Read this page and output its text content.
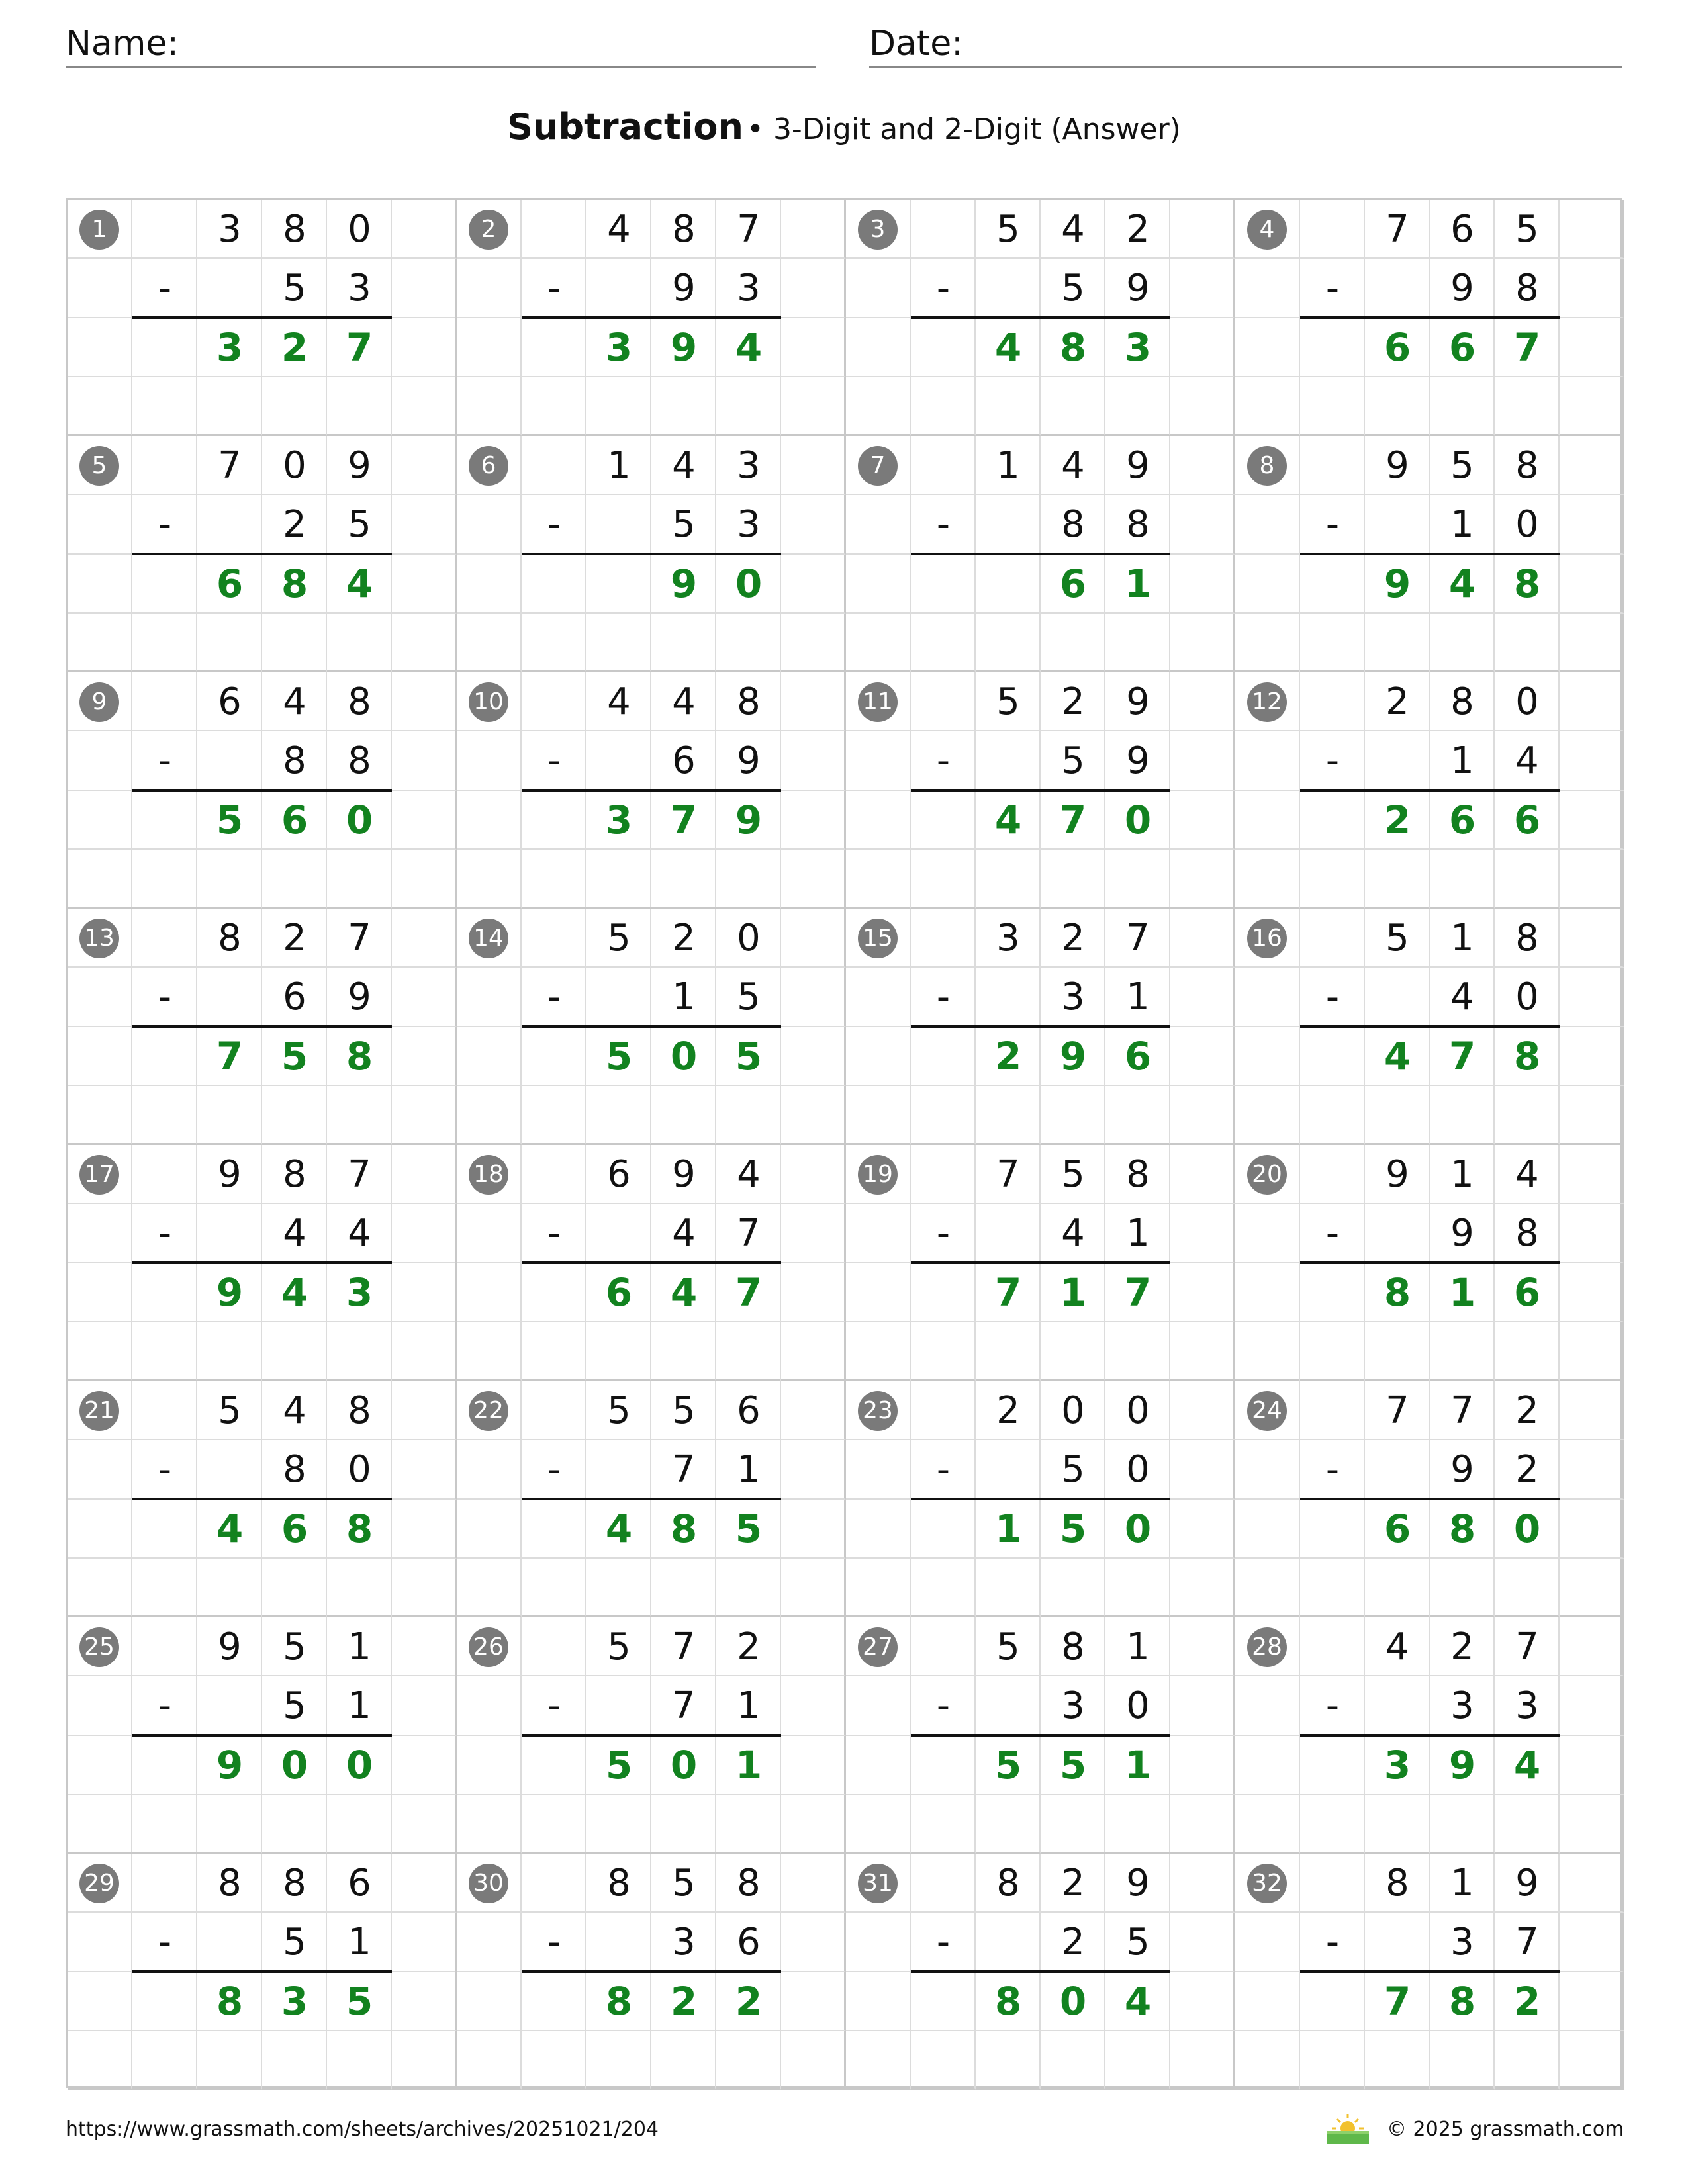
Name:	Date:
Subtraction • 3-Digit and 2-Digit (Answer)
1	3	8	0
-	5	3
3 2 7
2	4	8	7
-	9	3
3 9 4
3	5	4	2
-	5	9
4 8 3
4	7	6	5
-	9	8
6 6 7
5	7	0	9
-	2	5
6 8 4
6	1	4	3
-	5	3
9 0
7	1	4	9
-	8	8
6 1
8	9	5	8
-	1	0
9 4 8
9	6	4	8
-	8	8
5 6 0
10	4	4	8
-	6	9
3 7 9
11	5	2	9
-	5	9
4 7 0
12	2	8	0
-	1	4
2 6 6
13	8	2	7
-	6	9
7 5 8
14	5	2	0
-	1	5
5 0 5
15	3	2	7
-	3	1
2 9 6
16	5	1	8
-	4	0
4 7 8
17	9	8	7
-	4	4
9 4 3
18	6	9	4
-	4	7
6 4 7
19	7	5	8
-	4	1
7 1 7
20	9	1	4
-	9	8
8 1 6
21	5	4	8
-	8	0
4 6 8
22	5	5	6
-	7	1
4 8 5
23	2	0	0
-	5	0
1 5 0
24	7	7	2
-	9	2
6 8 0
25	9	5	1
-	5	1
9 0 0
26	5	7	2
-	7	1
5 0 1
27	5	8	1
-	3	0
5 5 1
28	4	2	7
-	3	3
3 9 4
29	8	8	6
-	5	1
8 3 5
30	8	5	8
-	3	6
8 2 2
31	8	2	9
-	2	5
8 0 4
32	8	1	9
-	3	7
7 8 2
https://www.grassmath.com/sheets/archives/20251021/204	© 2025 grassmath.com
